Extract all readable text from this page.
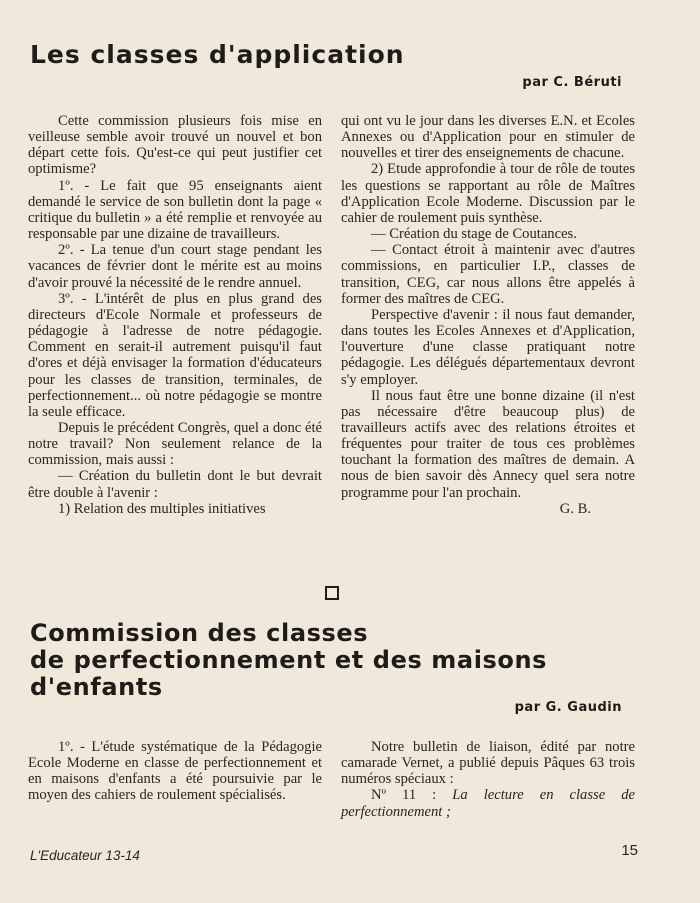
Les classes d'application
par C. Béruti

Cette commission plusieurs fois mise en veilleuse semble avoir trouvé un nouvel et bon départ cette fois. Qu'est-ce qui peut justifier cet optimisme?

1º. - Le fait que 95 enseignants aient demandé le service de son bulletin dont la page « critique du bulletin » a été remplie et renvoyée au responsable par une dizaine de travailleurs.

2º. - La tenue d'un court stage pendant les vacances de février dont le mérite est au moins d'avoir prouvé la nécessité de le rendre annuel.

3º. - L'intérêt de plus en plus grand des directeurs d'Ecole Normale et professeurs de pédagogie à l'adresse de notre pédagogie. Comment en serait-il autrement puisqu'il faut d'ores et déjà envisager la formation d'éducateurs pour les classes de transition, terminales, de perfectionnement... où notre pédagogie se montre la seule efficace.

Depuis le précédent Congrès, quel a donc été notre travail? Non seulement relance de la commission, mais aussi :

— Création du bulletin dont le but devrait être double à l'avenir :

1) Relation des multiples initiatives

qui ont vu le jour dans les diverses E.N. et Ecoles Annexes ou d'Application pour en stimuler de nouvelles et tirer des enseignements de chacune.

2) Etude approfondie à tour de rôle de toutes les questions se rapportant au rôle de Maîtres d'Application Ecole Moderne. Discussion par le cahier de roulement puis synthèse.

— Création du stage de Coutances.

— Contact étroit à maintenir avec d'autres commissions, en particulier I.P., classes de transition, CEG, car nous allons être appelés à former des maîtres de CEG.

Perspective d'avenir : il nous faut demander, dans toutes les Ecoles Annexes et d'Application, l'ouverture d'une classe pratiquant notre pédagogie. Les délégués départementaux devront s'y employer.

Il nous faut être une bonne dizaine (il n'est pas nécessaire d'être beaucoup plus) de travailleurs actifs avec des relations étroites et fréquentes pour traiter de tous ces problèmes touchant la formation des maîtres de demain. A nous de bien savoir dès Annecy quel sera notre programme pour l'an prochain.

G. B.

Commission des classes
de perfectionnement et des maisons
d'enfants
par G. Gaudin

1º. - L'étude systématique de la Pédagogie Ecole Moderne en classe de perfectionnement et en maisons d'enfants a été poursuivie par le moyen des cahiers de roulement spécialisés.

Notre bulletin de liaison, édité par notre camarade Vernet, a publié depuis Pâques 63 trois numéros spéciaux :

Nº 11 : La lecture en classe de perfectionnement ;

L'Educateur 13-14	15
